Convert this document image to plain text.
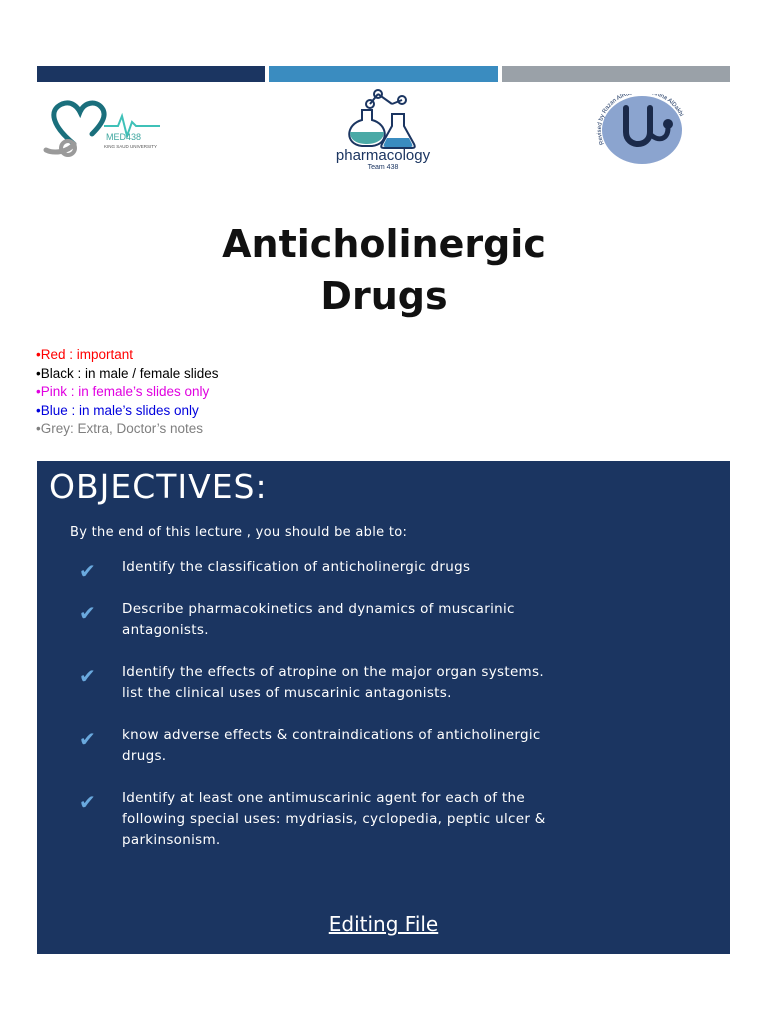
MED438
KING SAUD UNIVERSITY
pharmacology
Team 438
Revised by Razan AlRa hina AlDakhi
Anticholinergic
Drugs
•Red : important
•Black : in male / female slides
•Pink : in female’s slides only
•Blue : in male’s slides only
•Grey: Extra, Doctor’s notes
OBJECTIVES:
By the end of this lecture , you should be able to:
✔ Identify the classification of anticholinergic drugs
✔ Describe pharmacokinetics and dynamics of muscarinic
antagonists.
✔ Identify the effects of atropine on the major organ systems.
list the clinical uses of muscarinic antagonists.
✔ know adverse effects & contraindications of anticholinergic
drugs.
✔ Identify at least one antimuscarinic agent for each of the
following special uses: mydriasis, cyclopedia, peptic ulcer &
parkinsonism.
Editing File
